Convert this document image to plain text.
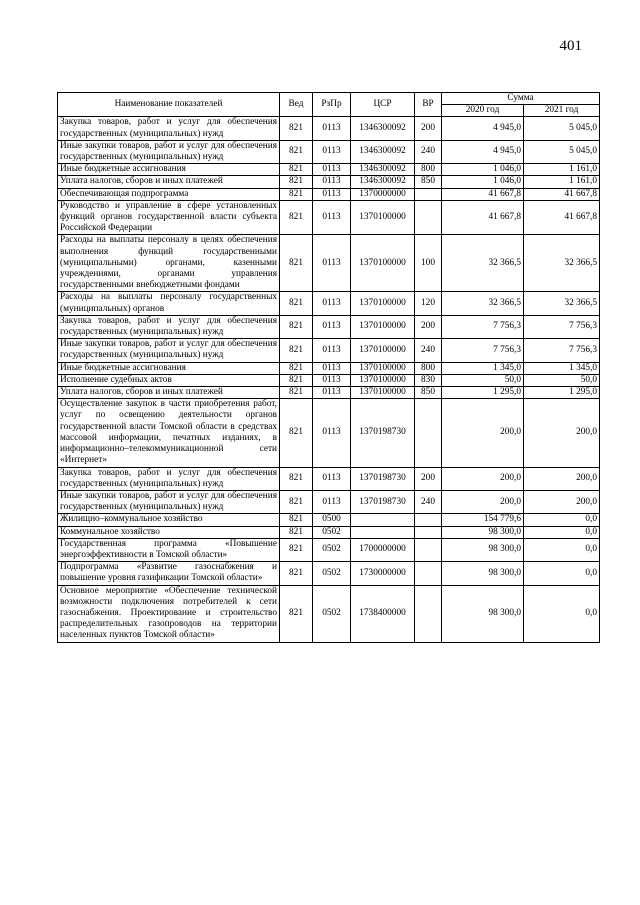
401
Наименование показателей	Вед	РзПр	ЦСР	ВР	Сумма	
					2020 год	2021 год
Закупка товаров, работ и услуг для обеспечения государственных (муниципальных) нужд	821	0113	1346300092	200	4 945,0	5 045,0
Иные закупки товаров, работ и услуг для обеспечения государственных (муниципальных) нужд	821	0113	1346300092	240	4 945,0	5 045,0
Иные бюджетные ассигнования	821	0113	1346300092	800	1 046,0	1 161,0
Уплата налогов, сборов и иных платежей	821	0113	1346300092	850	1 046,0	1 161,0
Обеспечивающая подпрограмма	821	0113	1370000000		41 667,8	41 667,8
Руководство и управление в сфере установленных функций органов государственной власти субъекта Российской Федерации	821	0113	1370100000		41 667,8	41 667,8
Расходы на выплаты персоналу в целях обеспечения выполнения функций государственными (муниципальными) органами, казенными учреждениями, органами управления государственными внебюджетными фондами	821	0113	1370100000	100	32 366,5	32 366,5
Расходы на выплаты персоналу государственных (муниципальных) органов	821	0113	1370100000	120	32 366,5	32 366,5
Закупка товаров, работ и услуг для обеспечения государственных (муниципальных) нужд	821	0113	1370100000	200	7 756,3	7 756,3
Иные закупки товаров, работ и услуг для обеспечения государственных (муниципальных) нужд	821	0113	1370100000	240	7 756,3	7 756,3
Иные бюджетные ассигнования	821	0113	1370100000	800	1 345,0	1 345,0
Исполнение судебных актов	821	0113	1370100000	830	50,0	50,0
Уплата налогов, сборов и иных платежей	821	0113	1370100000	850	1 295,0	1 295,0
Осуществление закупок в части приобретения работ, услуг по освещению деятельности органов государственной власти Томской области в средствах массовой информации, печатных изданиях, в информационно–телекоммуникационной сети «Интернет»	821	0113	1370198730		200,0	200,0
Закупка товаров, работ и услуг для обеспечения государственных (муниципальных) нужд	821	0113	1370198730	200	200,0	200,0
Иные закупки товаров, работ и услуг для обеспечения государственных (муниципальных) нужд	821	0113	1370198730	240	200,0	200,0
Жилищно–коммунальное хозяйство	821	0500			154 779,6	0,0
Коммунальное хозяйство	821	0502			98 300,0	0,0
Государственная программа «Повышение энергоэффективности в Томской области»	821	0502	1700000000		98 300,0	0,0
Подпрограмма «Развитие газоснабжения и повышение уровня газификации Томской области»	821	0502	1730000000		98 300,0	0,0
Основное мероприятие «Обеспечение технической возможности подключения потребителей к сети газоснабжения. Проектирование и строительство распределительных газопроводов на территории населенных пунктов Томской области»	821	0502	1738400000		98 300,0	0,0
